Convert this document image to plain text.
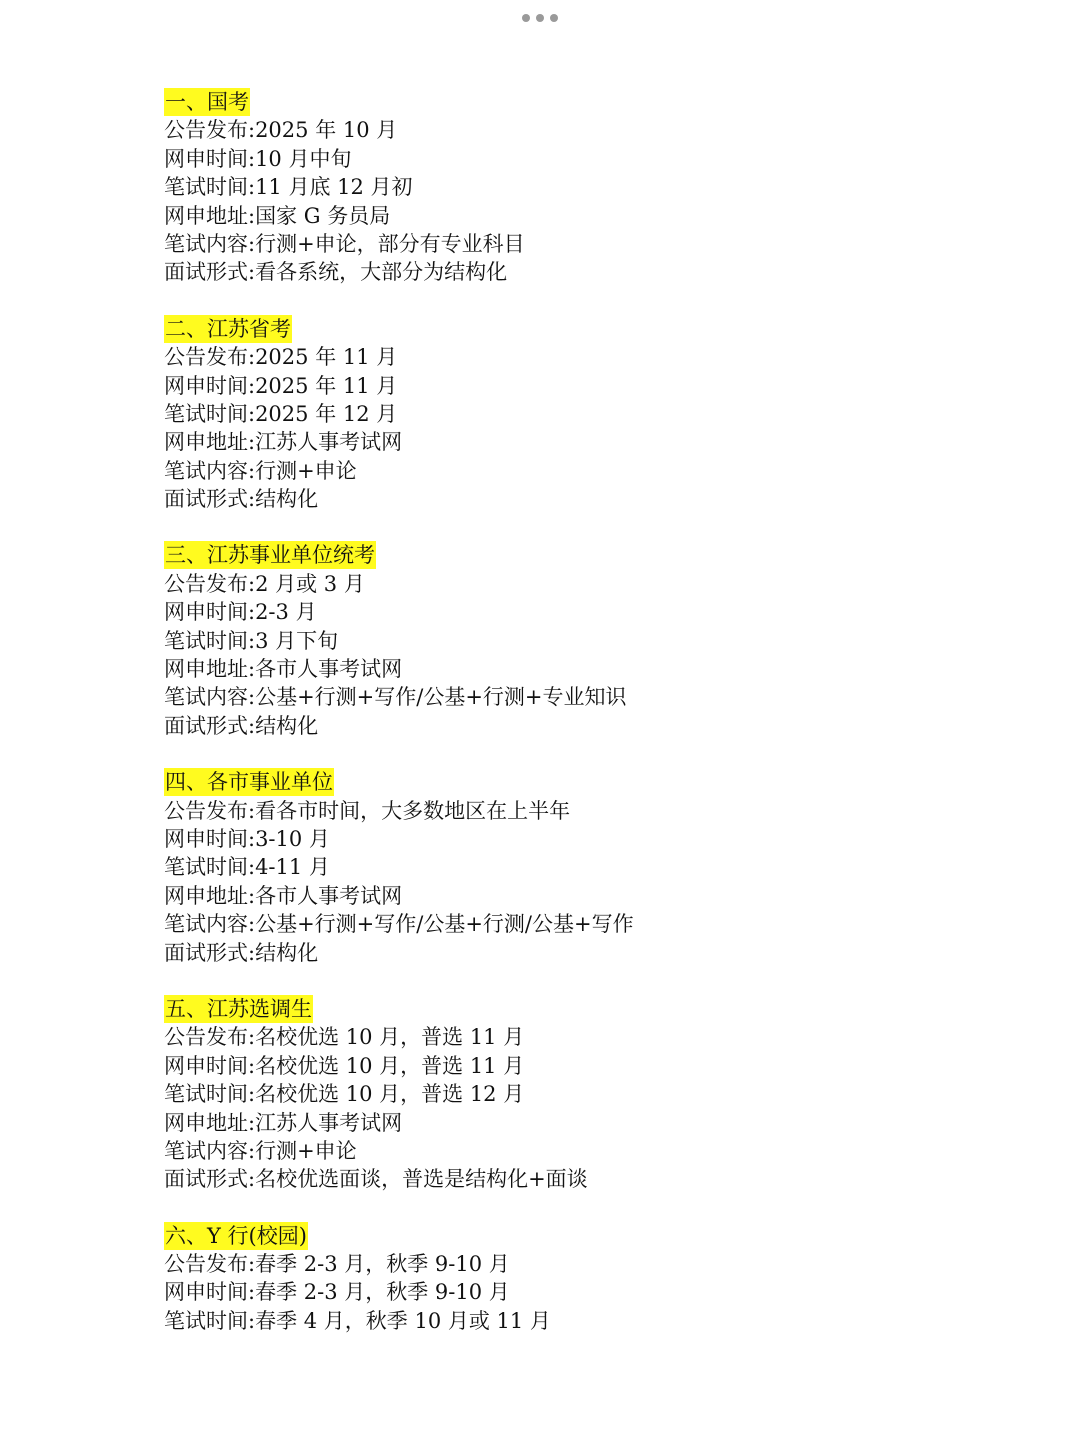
一、国考
公告发布:2025 年 10 月
网申时间:10 月中旬
笔试时间:11 月底 12 月初
网申地址:国家 G 务员局
笔试内容:行测+申论，部分有专业科目
面试形式:看各系统，大部分为结构化
二、江苏省考
公告发布:2025 年 11 月
网申时间:2025 年 11 月
笔试时间:2025 年 12 月
网申地址:江苏人事考试网
笔试内容:行测+申论
面试形式:结构化
三、江苏事业单位统考
公告发布:2 月或 3 月
网申时间:2-3 月
笔试时间:3 月下旬
网申地址:各市人事考试网
笔试内容:公基+行测+写作/公基+行测+专业知识
面试形式:结构化
四、各市事业单位
公告发布:看各市时间，大多数地区在上半年
网申时间:3-10 月
笔试时间:4-11 月
网申地址:各市人事考试网
笔试内容:公基+行测+写作/公基+行测/公基+写作
面试形式:结构化
五、江苏选调生
公告发布:名校优选 10 月，普选 11 月
网申时间:名校优选 10 月，普选 11 月
笔试时间:名校优选 10 月，普选 12 月
网申地址:江苏人事考试网
笔试内容:行测+申论
面试形式:名校优选面谈，普选是结构化+面谈
六、Y 行(校园)
公告发布:春季 2-3 月，秋季 9-10 月
网申时间:春季 2-3 月，秋季 9-10 月
笔试时间:春季 4 月，秋季 10 月或 11 月
